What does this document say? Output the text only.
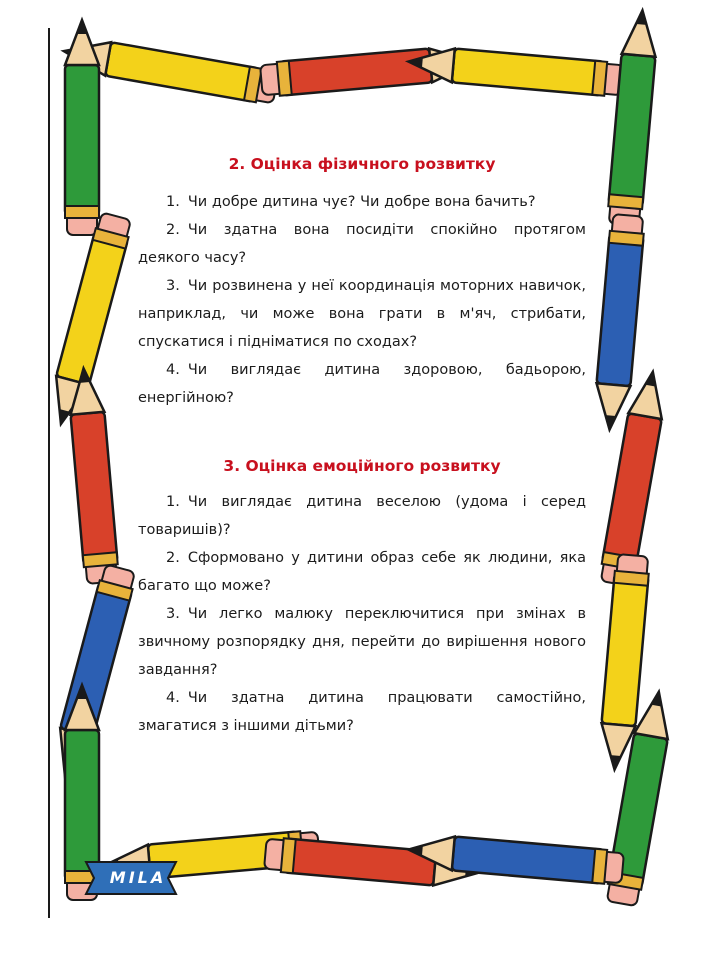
MILA
2. Оцінка фізичного розвитку

1. Чи добре дитина чує? Чи добре вона бачить?

2. Чи здатна вона посидіти спокійно протягом деякого часу?

3. Чи розвинена у неї координація моторних навичок, наприклад, чи може вона грати в м'яч, стрибати, спускатися і підніматися по сходах?

4. Чи виглядає дитина здоровою, бадьорою, енергійною?

3. Оцінка емоційного розвитку

1. Чи виглядає дитина веселою (удома і серед товаришів)?

2. Сформовано у дитини образ себе як людини, яка багато що може?

3. Чи легко малюку переключитися при змінах в звичному розпорядку дня, перейти до вирішення нового завдання?

4. Чи здатна дитина працювати самостійно, змагатися з іншими дітьми?
